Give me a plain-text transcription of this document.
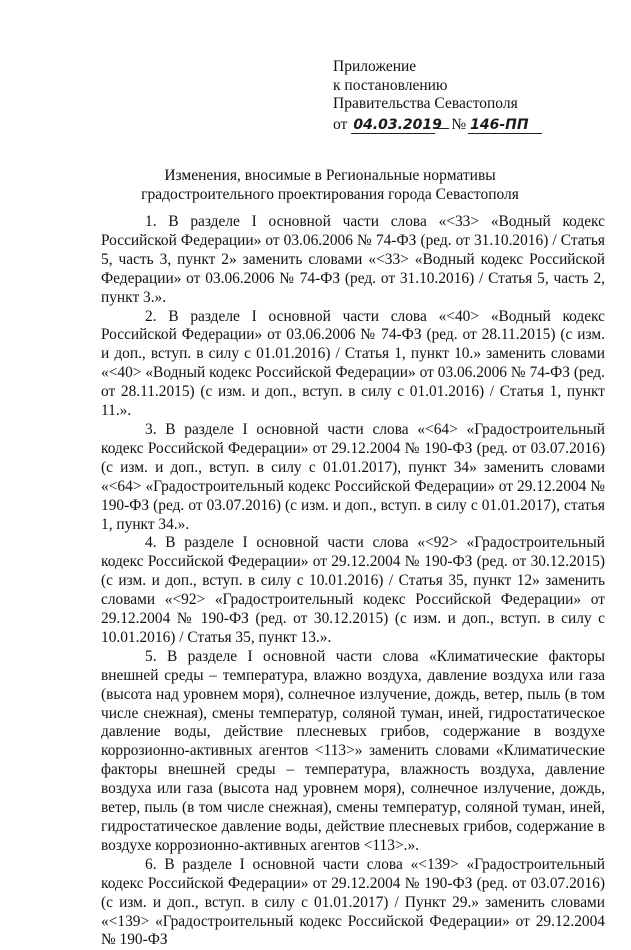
Приложение
к постановлению
Правительства Севастополя
от 04.03.2019 № 146-ПП
Изменения, вносимые в Региональные нормативы градостроительного проектирования города Севастополя

1. В разделе I основной части слова «<33> «Водный кодекс Российской Федерации» от 03.06.2006 № 74-ФЗ (ред. от 31.10.2016) / Статья 5, часть 3, пункт 2» заменить словами «<33> «Водный кодекс Российской Федерации» от 03.06.2006 № 74-ФЗ (ред. от 31.10.2016) / Статья 5, часть 2, пункт 3.».

2. В разделе I основной части слова «<40> «Водный кодекс Российской Федерации» от 03.06.2006 № 74-ФЗ (ред. от 28.11.2015) (с изм. и доп., вступ. в силу с 01.01.2016) / Статья 1, пункт 10.» заменить словами «<40> «Водный кодекс Российской Федерации» от 03.06.2006 № 74-ФЗ (ред. от 28.11.2015) (с изм. и доп., вступ. в силу с 01.01.2016) / Статья 1, пункт 11.».

3. В разделе I основной части слова «<64> «Градостроительный кодекс Российской Федерации» от 29.12.2004 № 190-ФЗ (ред. от 03.07.2016) (с изм. и доп., вступ. в силу с 01.01.2017), пункт 34» заменить словами «<64> «Градостроительный кодекс Российской Федерации» от 29.12.2004 № 190-ФЗ (ред. от 03.07.2016) (с изм. и доп., вступ. в силу с 01.01.2017), статья 1, пункт 34.».

4. В разделе I основной части слова «<92> «Градостроительный кодекс Российской Федерации» от 29.12.2004 № 190-ФЗ (ред. от 30.12.2015) (с изм. и доп., вступ. в силу с 10.01.2016) / Статья 35, пункт 12» заменить словами «<92> «Градостроительный кодекс Российской Федерации» от 29.12.2004 № 190-ФЗ (ред. от 30.12.2015) (с изм. и доп., вступ. в силу с 10.01.2016) / Статья 35, пункт 13.».

5. В разделе I основной части слова «Климатические факторы внешней среды – температура, влажно воздуха, давление воздуха или газа (высота над уровнем моря), солнечное излучение, дождь, ветер, пыль (в том числе снежная), смены температур, соляной туман, иней, гидростатическое давление воды, действие плесневых грибов, содержание в воздухе коррозионно-активных агентов <113>» заменить словами «Климатические факторы внешней среды – температура, влажность воздуха, давление воздуха или газа (высота над уровнем моря), солнечное излучение, дождь, ветер, пыль (в том числе снежная), смены температур, соляной туман, иней, гидростатическое давление воды, действие плесневых грибов, содержание в воздухе коррозионно-активных агентов <113>.».

6. В разделе I основной части слова «<139> «Градостроительный кодекс Российской Федерации» от 29.12.2004 № 190-ФЗ (ред. от 03.07.2016) (с изм. и доп., вступ. в силу с 01.01.2017) / Пункт 29.» заменить словами «<139> «Градостроительный кодекс Российской Федерации» от 29.12.2004 № 190-ФЗ
